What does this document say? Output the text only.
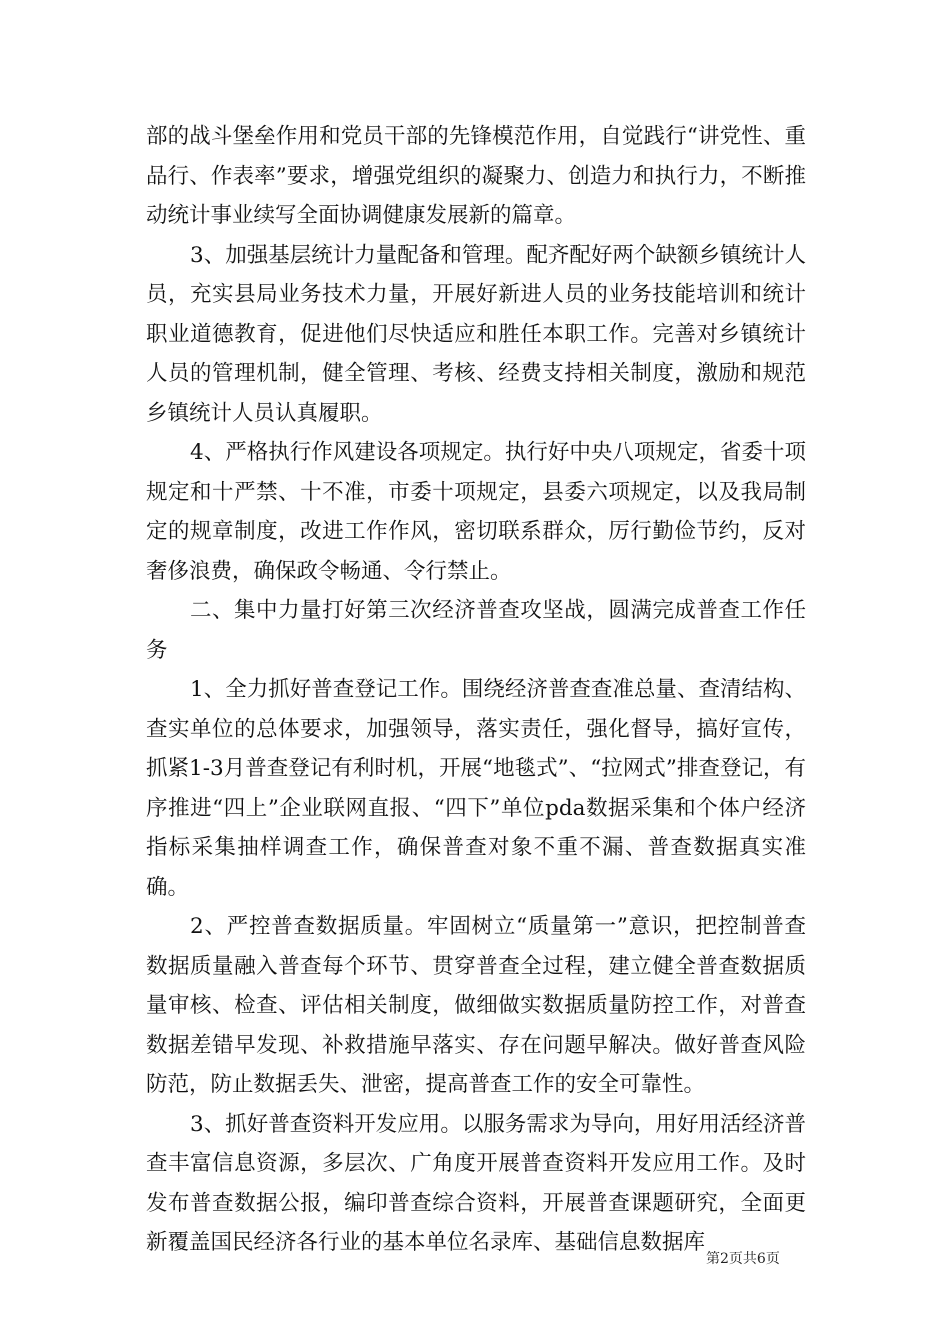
部的战斗堡垒作用和党员干部的先锋模范作用，自觉践行“讲党性、重品行、作表率”要求，增强党组织的凝聚力、创造力和执行力，不断推动统计事业续写全面协调健康发展新的篇章。

3、加强基层统计力量配备和管理。配齐配好两个缺额乡镇统计人员，充实县局业务技术力量，开展好新进人员的业务技能培训和统计职业道德教育，促进他们尽快适应和胜任本职工作。完善对乡镇统计人员的管理机制，健全管理、考核、经费支持相关制度，激励和规范乡镇统计人员认真履职。

4、严格执行作风建设各项规定。执行好中央八项规定，省委十项规定和十严禁、十不准，市委十项规定，县委六项规定，以及我局制定的规章制度，改进工作作风，密切联系群众，厉行勤俭节约，反对奢侈浪费，确保政令畅通、令行禁止。

二、集中力量打好第三次经济普查攻坚战，圆满完成普查工作任务

1、全力抓好普查登记工作。围绕经济普查查准总量、查清结构、查实单位的总体要求，加强领导，落实责任，强化督导，搞好宣传，抓紧1-3月普查登记有利时机，开展“地毯式”、“拉网式”排查登记，有序推进“四上”企业联网直报、“四下”单位pda数据采集和个体户经济指标采集抽样调查工作，确保普查对象不重不漏、普查数据真实准确。

2、严控普查数据质量。牢固树立“质量第一”意识，把控制普查数据质量融入普查每个环节、贯穿普查全过程，建立健全普查数据质量审核、检查、评估相关制度，做细做实数据质量防控工作，对普查数据差错早发现、补救措施早落实、存在问题早解决。做好普查风险防范，防止数据丢失、泄密，提高普查工作的安全可靠性。

3、抓好普查资料开发应用。以服务需求为导向，用好用活经济普查丰富信息资源，多层次、广角度开展普查资料开发应用工作。及时发布普查数据公报，编印普查综合资料，开展普查课题研究，全面更新覆盖国民经济各行业的基本单位名录库、基础信息数据库

第2页共6页
